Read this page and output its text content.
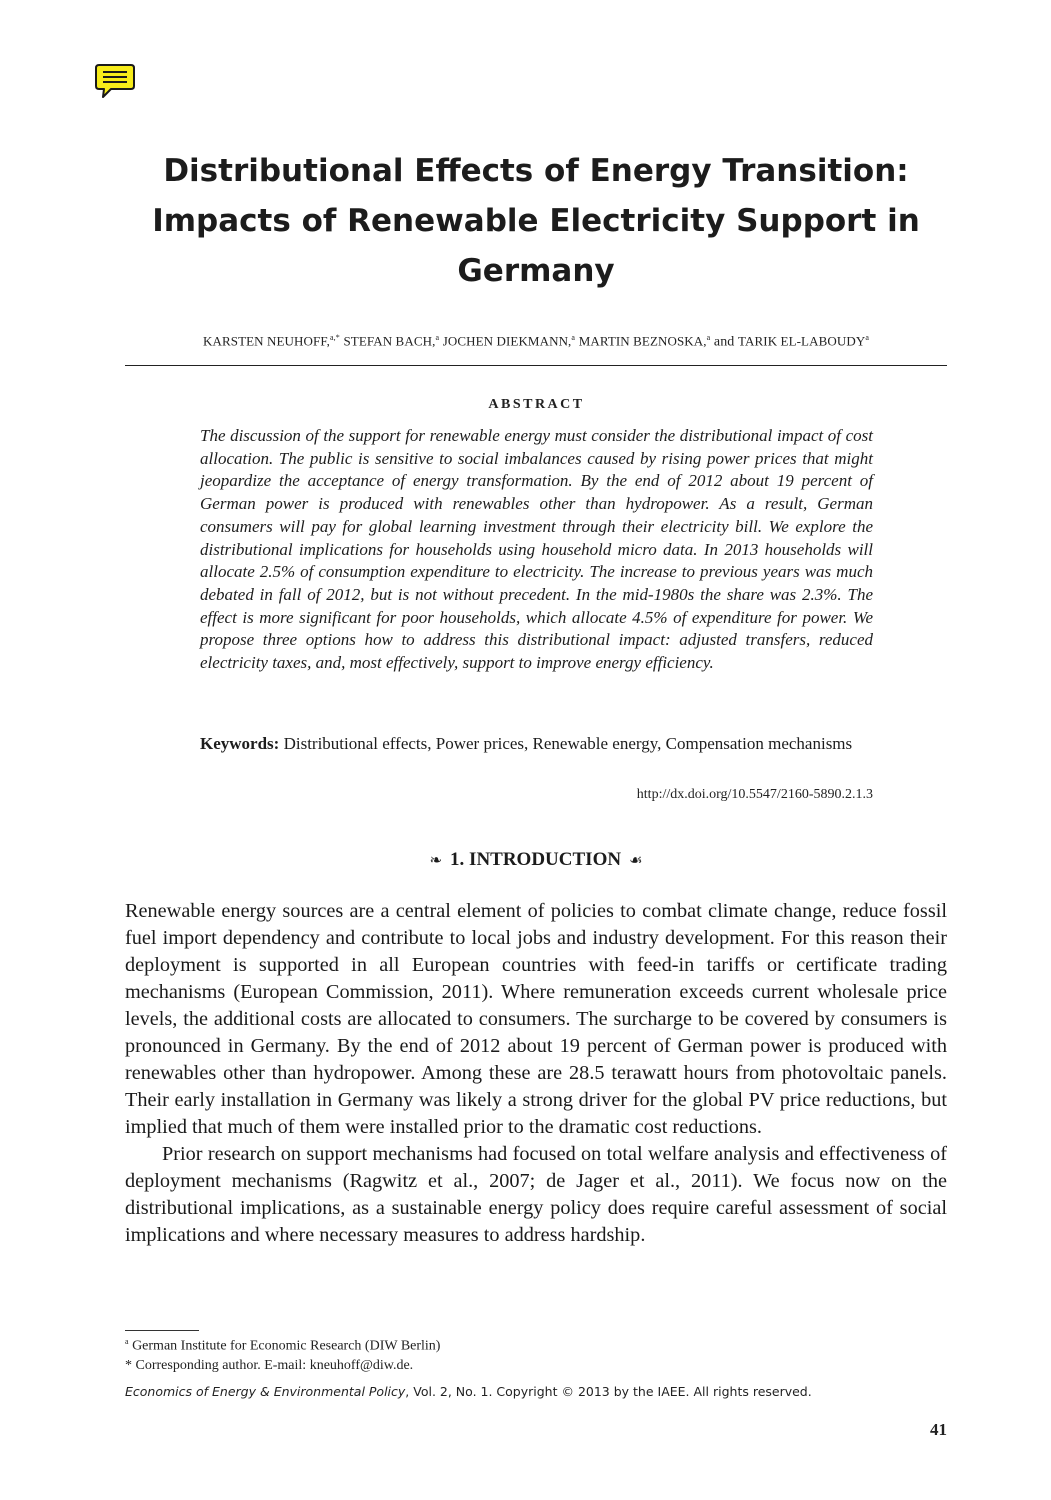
Distributional Effects of Energy Transition:
Impacts of Renewable Electricity Support in
Germany
KARSTEN NEUHOFF,$^{a,*}$ STEFAN BACH,$^a$ JOCHEN DIEKMANN,$^a$ MARTIN BEZNOSKA,$^a$ and TARIK EL-LABOUDY$^a$
ABSTRACT

The discussion of the support for renewable energy must consider the distributional impact of cost allocation. The public is sensitive to social imbalances caused by rising power prices that might jeopardize the acceptance of energy transformation. By the end of 2012 about 19 percent of German power is produced with renewables other than hydropower. As a result, German consumers will pay for global learning investment through their electricity bill. We explore the distributional implications for households using household micro data. In 2013 households will allocate 2.5% of consumption expenditure to electricity. The increase to previous years was much debated in fall of 2012, but is not without precedent. In the mid-1980s the share was 2.3%. The effect is more significant for poor households, which allocate 4.5% of expenditure for power. We propose three options how to address this distributional impact: adjusted transfers, reduced electricity taxes, and, most effectively, support to improve energy efficiency.

Keywords: Distributional effects, Power prices, Renewable energy, Compensation mechanisms
http://dx.doi.org/10.5547/2160-5890.2.1.3
❧ 1. INTRODUCTION ☙

Renewable energy sources are a central element of policies to combat climate change, reduce fossil fuel import dependency and contribute to local jobs and industry development. For this reason their deployment is supported in all European countries with feed-in tariffs or certificate trading mechanisms (European Commission, 2011). Where remuneration exceeds current wholesale price levels, the additional costs are allocated to consumers. The surcharge to be covered by consumers is pronounced in Germany. By the end of 2012 about 19 percent of German power is produced with renewables other than hydropower. Among these are 28.5 terawatt hours from photovoltaic panels. Their early installation in Germany was likely a strong driver for the global PV price reductions, but implied that much of them were installed prior to the dramatic cost reductions.

Prior research on support mechanisms had focused on total welfare analysis and effectiveness of deployment mechanisms (Ragwitz et al., 2007; de Jager et al., 2011). We focus now on the distributional implications, as a sustainable energy policy does require careful assessment of social implications and where necessary measures to address hardship.

$^a$ German Institute for Economic Research (DIW Berlin)
* Corresponding author. E-mail: kneuhoff@diw.de.
Economics of Energy & Environmental Policy, Vol. 2, No. 1. Copyright © 2013 by the IAEE. All rights reserved.
41
